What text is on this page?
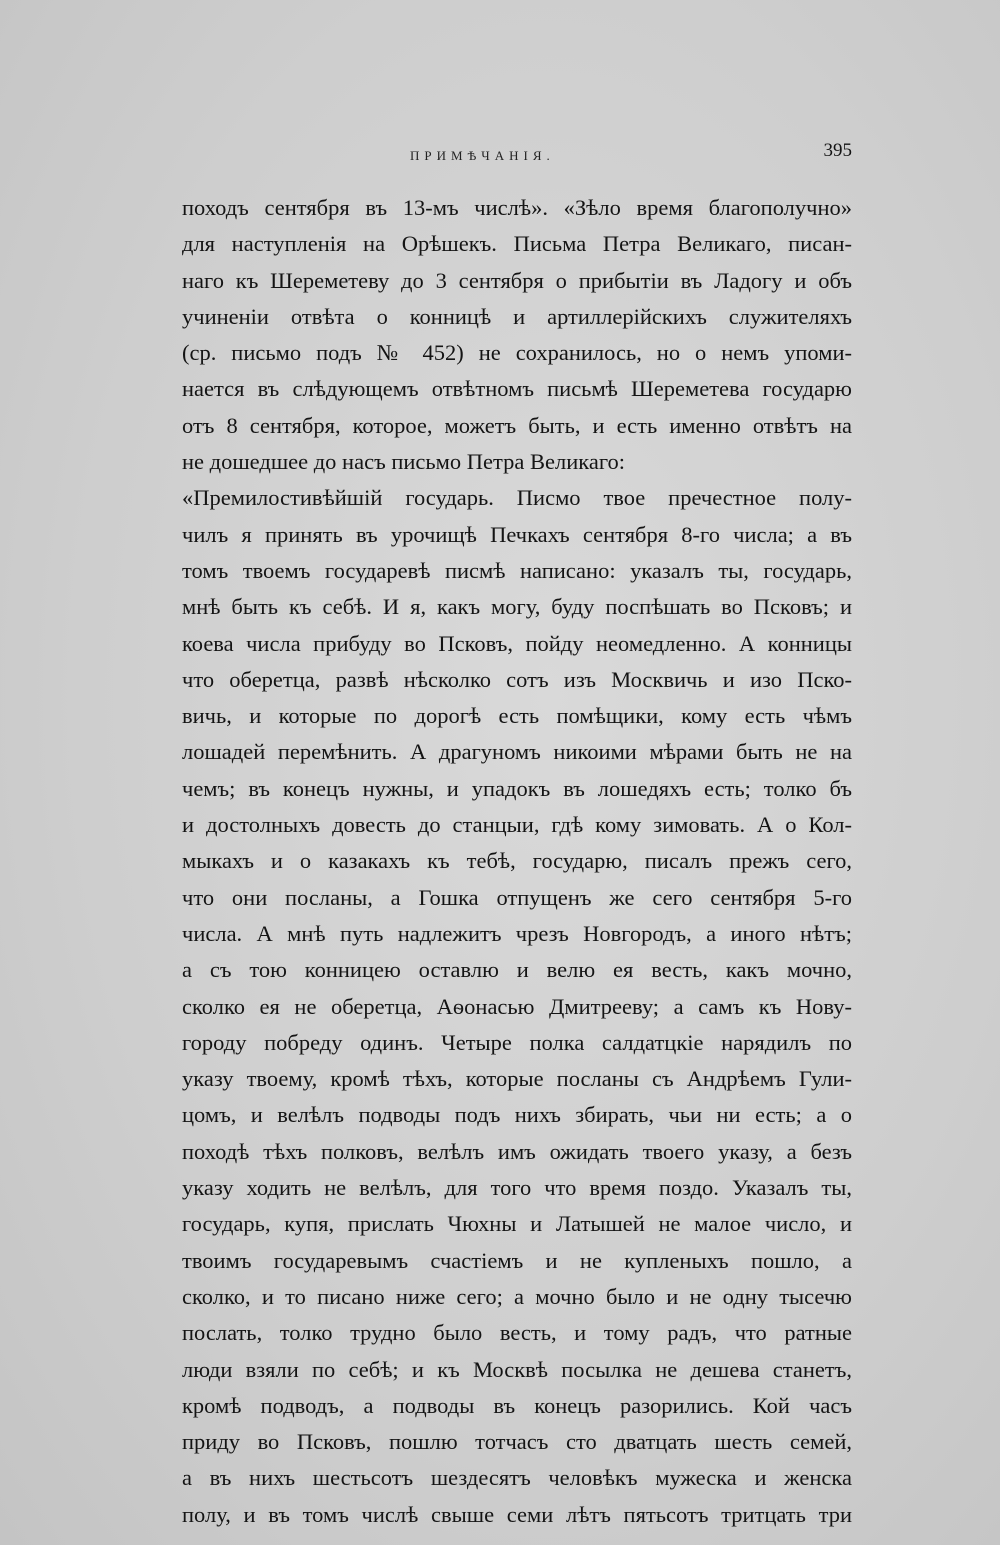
ПРИМѢЧАНІЯ.	395
походъ сентября въ 13-мъ числѣ». «Зѣло время благополучно»
для наступленія на Орѣшекъ. Письма Петра Великаго, писан-
наго къ Шереметеву до 3 сентября о прибытіи въ Ладогу и объ
учиненіи отвѣта о конницѣ и артиллерійскихъ служителяхъ
(ср. письмо подъ № 452) не сохранилось, но о немъ упоми-
нается въ слѣдующемъ отвѣтномъ письмѣ Шереметева государю
отъ 8 сентября, которое, можетъ быть, и есть именно отвѣтъ на
не дошедшее до насъ письмо Петра Великаго:
«Премилостивѣйшій государь. Писмо твое пречестное полу-
чилъ я принять въ урочищѣ Печкахъ сентября 8-го числа; а въ
томъ твоемъ государевѣ писмѣ написано: указалъ ты, государь,
мнѣ быть къ себѣ. И я, какъ могу, буду поспѣшать во Псковъ; и
коева числа прибуду во Псковъ, пойду неомедленно. А конницы
что оберетца, развѣ нѣсколко сотъ изъ Москвичь и изо Пско-
вичь, и которые по дорогѣ есть помѣщики, кому есть чѣмъ
лошадей перемѣнить. А драгуномъ никоими мѣрами быть не на
чемъ; въ конецъ нужны, и упадокъ въ лошедяхъ есть; толко бъ
и достолныхъ довесть до станцыи, гдѣ кому зимовать. А о Кол-
мыкахъ и о казакахъ къ тебѣ, государю, писалъ прежъ сего,
что они посланы, а Гошка отпущенъ же сего сентября 5-го
числа. А мнѣ путь надлежитъ чрезъ Новгородъ, а иного нѣтъ;
а съ тою конницею оставлю и велю ея весть, какъ мочно,
сколко ея не оберетца, Аѳонасью Дмитрееву; а самъ къ Нову-
городу побреду одинъ. Четыре полка салдатцкіе нарядилъ по
указу твоему, кромѣ тѣхъ, которые посланы съ Андрѣемъ Гули-
цомъ, и велѣлъ подводы подъ нихъ збирать, чьи ни есть; а о
походѣ тѣхъ полковъ, велѣлъ имъ ожидать твоего указу, а безъ
указу ходить не велѣлъ, для того что время поздо. Указалъ ты,
государь, купя, прислать Чюхны и Латышей не малое число, и
твоимъ государевымъ счастіемъ и не купленыхъ пошло, а
сколко, и то писано ниже сего; а мочно было и не одну тысечю
послать, толко трудно было весть, и тому радъ, что ратные
люди взяли по себѣ; и къ Москвѣ посылка не дешева станетъ,
кромѣ подводъ, а подводы въ конецъ разорились. Кой часъ
приду во Псковъ, пошлю тотчасъ сто дватцать шесть семей,
а въ нихъ шестьсотъ шездесятъ человѣкъ мужеска и женска
полу, и въ томъ числѣ свыше семи лѣтъ пятьсотъ тритцать три
